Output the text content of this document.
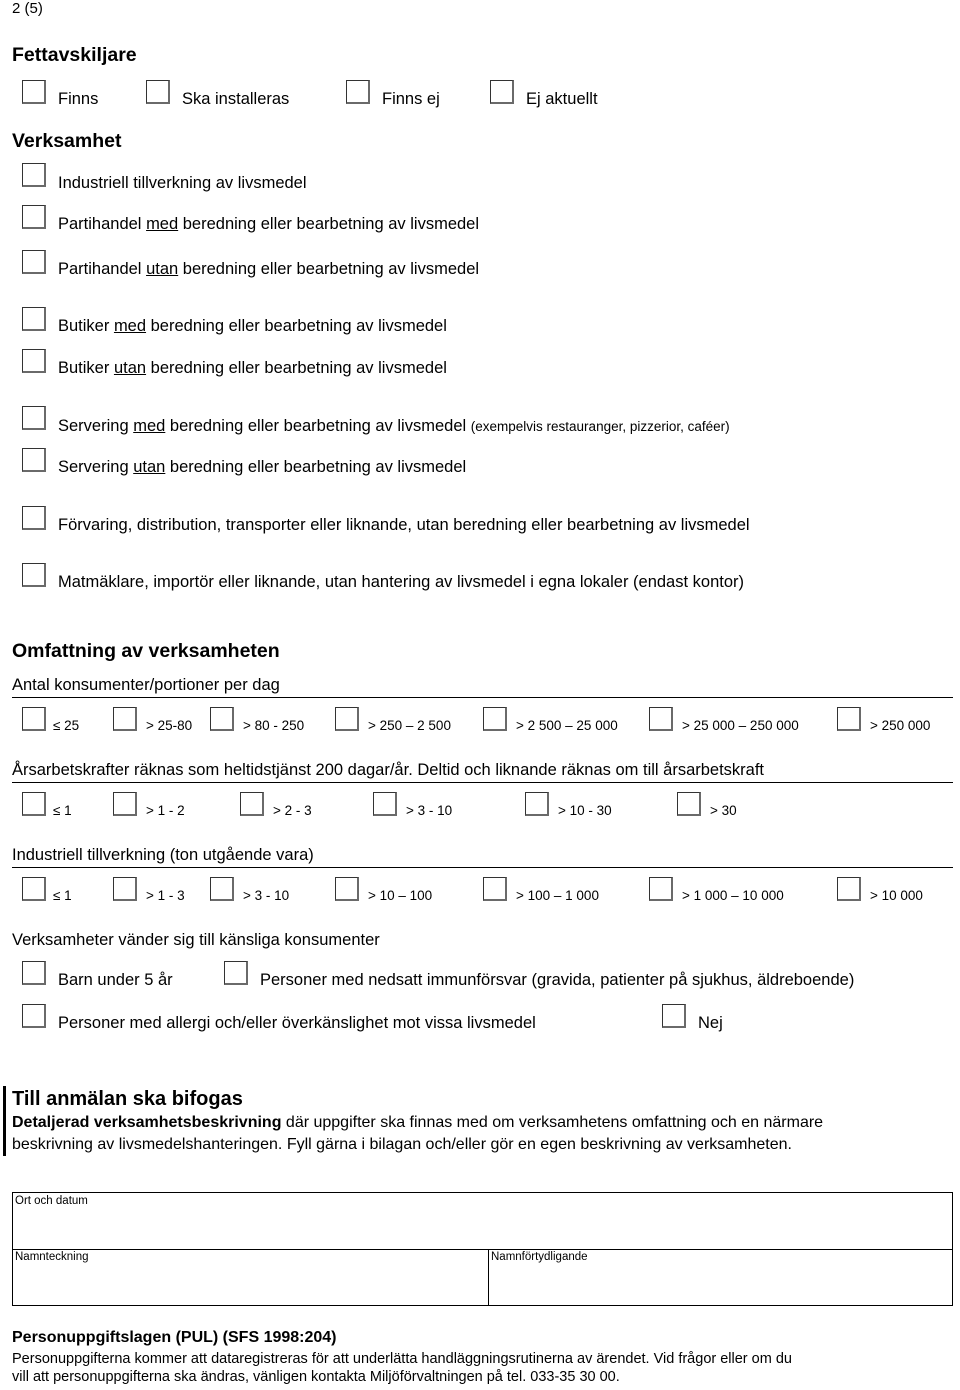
2 (5)
Fettavskiljare
Finns	Ska installeras	Finns ej	Ej aktuellt
Verksamhet
Industriell tillverkning av livsmedel
Partihandel med beredning eller bearbetning av livsmedel
Partihandel utan beredning eller bearbetning av livsmedel
Butiker med beredning eller bearbetning av livsmedel
Butiker utan beredning eller bearbetning av livsmedel
Servering med beredning eller bearbetning av livsmedel (exempelvis restauranger, pizzerior, caféer)
Servering utan beredning eller bearbetning av livsmedel
Förvaring, distribution, transporter eller liknande, utan beredning eller bearbetning av livsmedel
Matmäklare, importör eller liknande, utan hantering av livsmedel i egna lokaler (endast kontor)
Omfattning av verksamheten
Antal konsumenter/portioner per dag
≤ 25	> 25-80	> 80 - 250	> 250 – 2 500	> 2 500 – 25 000	> 25 000 – 250 000	> 250 000
Årsarbetskrafter räknas som heltidstjänst 200 dagar/år. Deltid och liknande räknas om till årsarbetskraft
≤ 1	> 1 - 2	> 2 - 3	> 3 - 10	> 10 - 30	> 30
Industriell tillverkning (ton utgående vara)
≤ 1	> 1 - 3	> 3 - 10	> 10 – 100	> 100 – 1 000	> 1 000 – 10 000	> 10 000
Verksamheter vänder sig till känsliga konsumenter
Barn under 5 år	Personer med nedsatt immunförsvar (gravida, patienter på sjukhus, äldreboende)
Personer med allergi och/eller överkänslighet mot vissa livsmedel	Nej
Till anmälan ska bifogas
Detaljerad verksamhetsbeskrivning där uppgifter ska finnas med om verksamhetens omfattning och en närmare
beskrivning av livsmedelshanteringen. Fyll gärna i bilagan och/eller gör en egen beskrivning av verksamheten.
Ort och datum
Namnteckning	Namnförtydligande
Personuppgiftslagen (PUL) (SFS 1998:204)
Personuppgifterna kommer att dataregistreras för att underlätta handläggningsrutinerna av ärendet. Vid frågor eller om du
vill att personuppgifterna ska ändras, vänligen kontakta Miljöförvaltningen på tel. 033-35 30 00.
